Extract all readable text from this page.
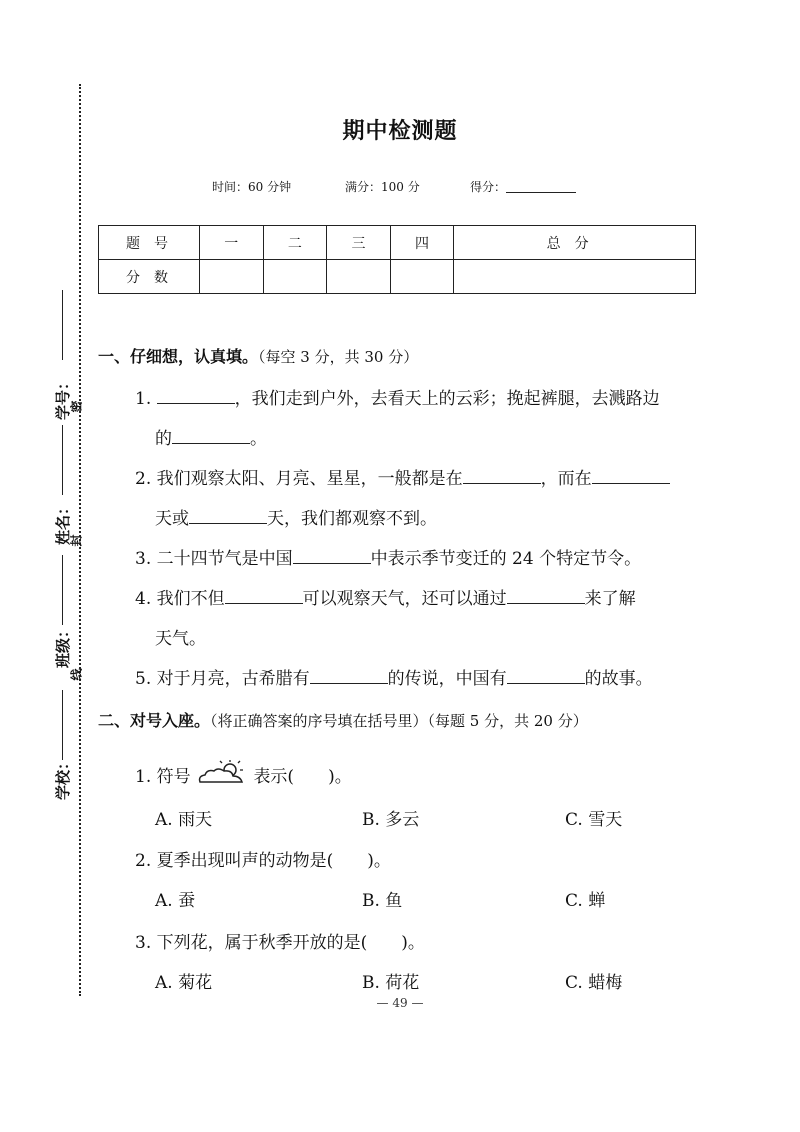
学号：
密
姓名：
封
班级：
线
学校：
期中检测题
时间：60 分钟	满分：100 分	得分：
题号	一	二	三	四	总分
分数					
一、仔细想，认真填。（每空 3 分，共 30 分）
1.	，我们走到户外，去看天上的云彩；挽起裤腿，去溅路边
的	。
2. 我们观察太阳、月亮、星星，一般都是在	，而在
天或	天，我们都观察不到。
3. 二十四节气是中国	中表示季节变迁的 24 个特定节令。
4. 我们不但	可以观察天气，还可以通过	来了解
天气。
5. 对于月亮，古希腊有	的传说，中国有	的故事。
二、对号入座。（将正确答案的序号填在括号里）（每题 5 分，共 20 分）
1. 符号	表示(　　)。
A. 雨天	B. 多云	C. 雪天
2. 夏季出现叫声的动物是(　　)。
A. 蚕	B. 鱼	C. 蝉
3. 下列花，属于秋季开放的是(　　)。
A. 菊花	B. 荷花	C. 蜡梅
— 49 —
